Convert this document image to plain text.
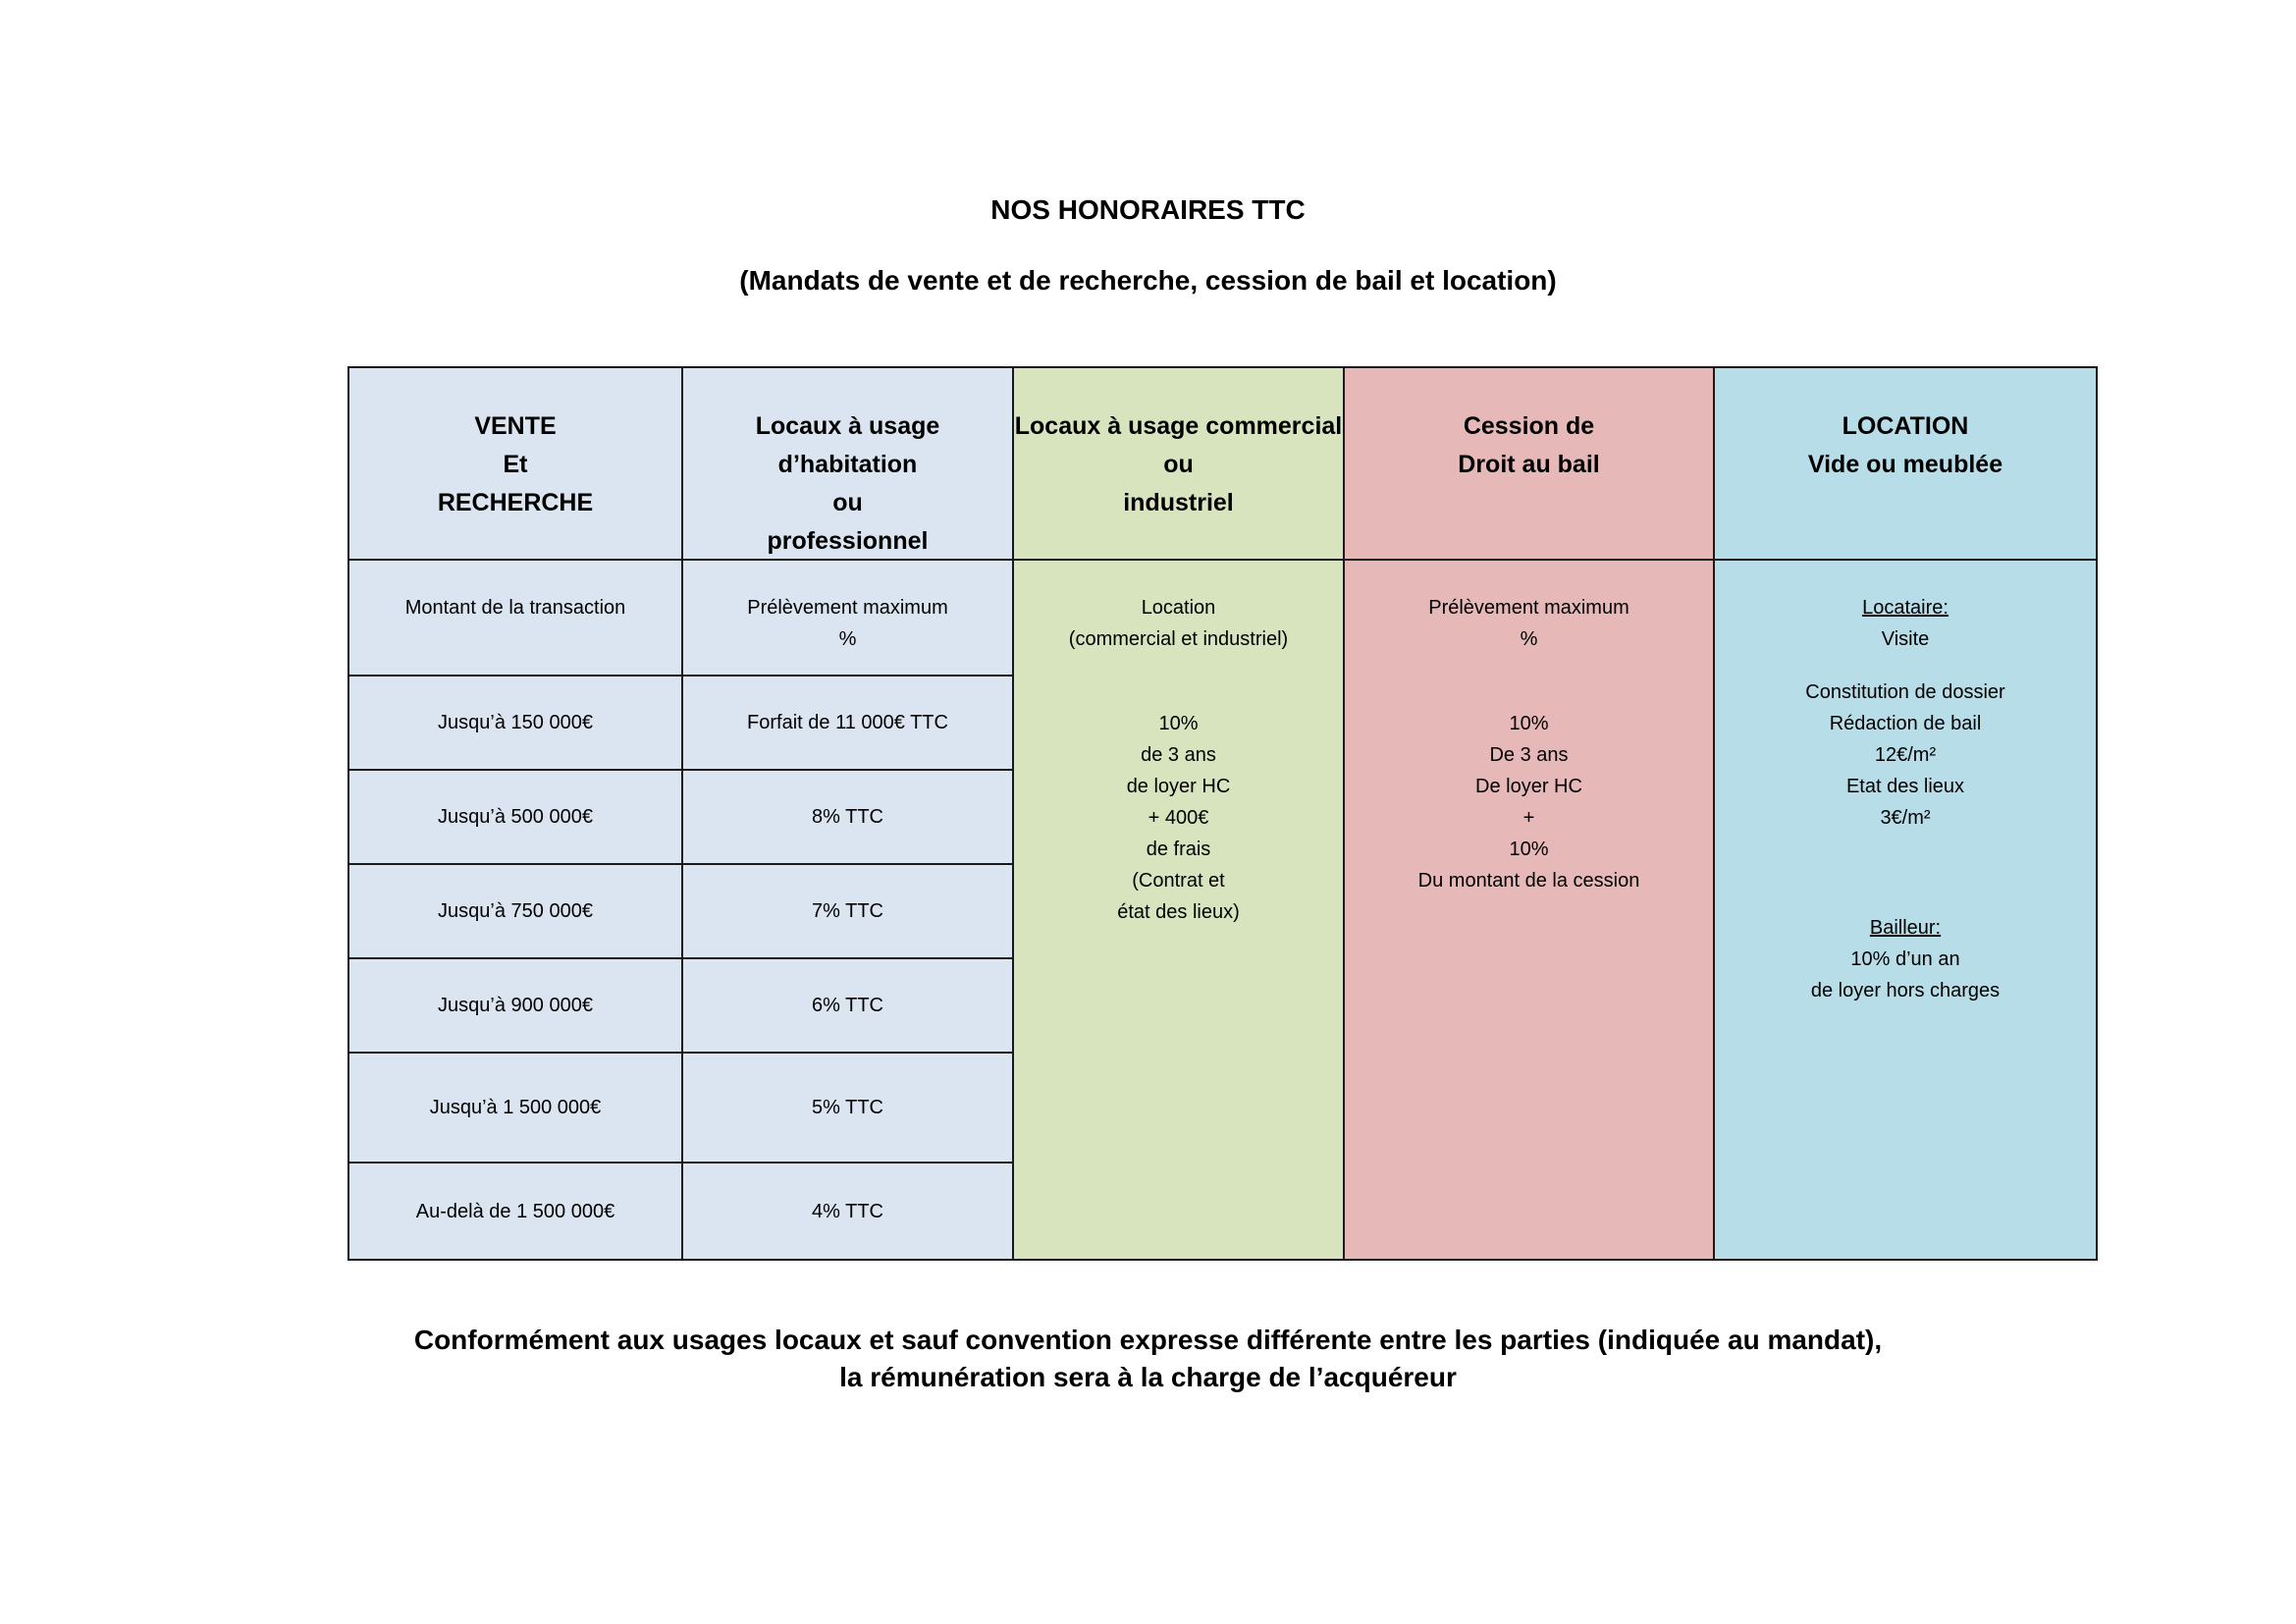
NOS HONORAIRES TTC
(Mandats de vente et de recherche, cession de bail et location)
VENTE
Et
RECHERCHE
Locaux à usage
d’habitation
ou
professionnel
Locaux à usage commercial
ou
industriel
Cession de
Droit au bail
LOCATION
Vide ou meublée
Montant de la transaction
Jusqu’à 150 000€
Jusqu’à 500 000€
Jusqu’à 750 000€
Jusqu’à 900 000€
Jusqu’à 1 500 000€
Au-delà de 1 500 000€
Prélèvement maximum
%
Forfait de 11 000€ TTC
8% TTC
7% TTC
6% TTC
5% TTC
4% TTC
Location
(commercial et industriel)
10%
de 3 ans
de loyer HC
+ 400€
de frais
(Contrat et
état des lieux)
Prélèvement maximum
%
10%
De 3 ans
De loyer HC
+
10%
Du montant de la cession
Locataire:
Visite
Constitution de dossier
Rédaction de bail
12€/m²
Etat des lieux
3€/m²
Bailleur:
10% d’un an
de loyer hors charges
Conformément aux usages locaux et sauf convention expresse différente entre les parties (indiquée au mandat),
la rémunération sera à la charge de l’acquéreur
